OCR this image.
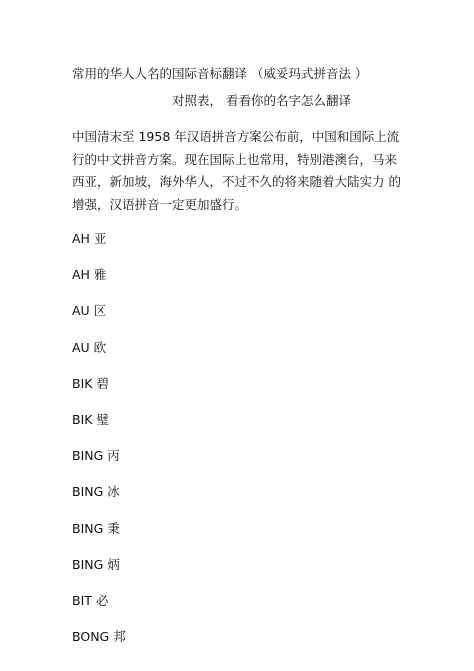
常用的华人人名的国际音标翻译 （威妥玛式拼音法 ）
对照表， 看看你的名字怎么翻译

中国清末至 1958 年汉语拼音方案公布前，中国和国际上流

行的中文拼音方案。现在国际上也常用，特别港澳台，马来

西亚，新加坡，海外华人，不过不久的将来随着大陆实力 的

增强，汉语拼音一定更加盛行。

AH 亚
AH 雅
AU 区
AU 欧
BIK 碧
BIK 璧
BING 丙
BING 冰
BING 秉
BING 炳
BIT 必
BONG 邦
